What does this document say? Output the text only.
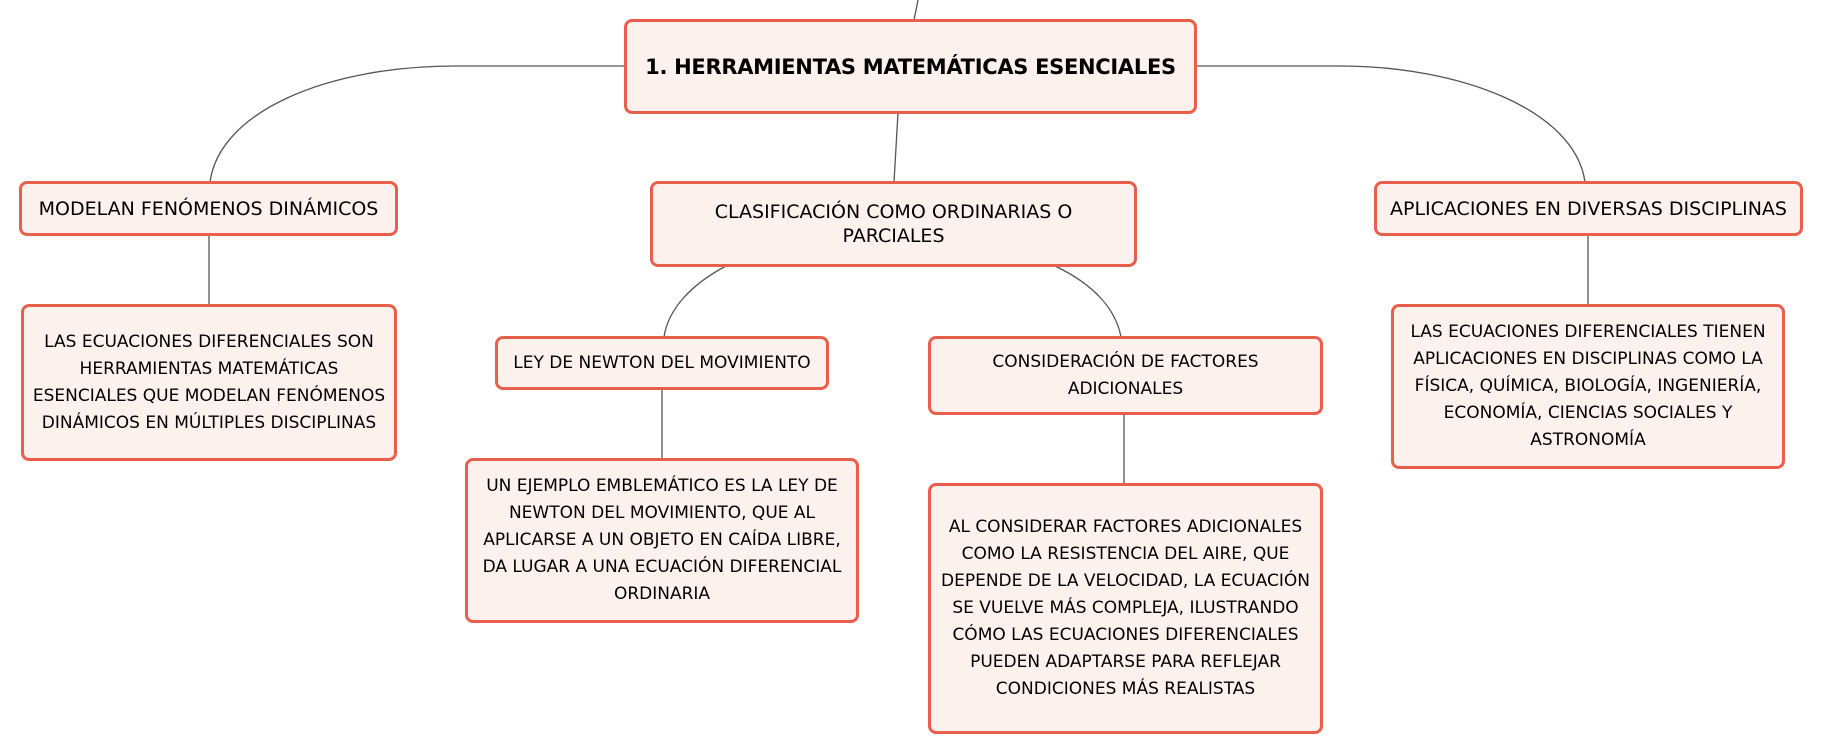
1. HERRAMIENTAS MATEMÁTICAS ESENCIALES
MODELAN FENÓMENOS DINÁMICOS	CLASIFICACIÓN COMO ORDINARIAS O PARCIALES
APLICACIONES EN DIVERSAS DISCIPLINAS
LAS ECUACIONES DIFERENCIALES SON HERRAMIENTAS MATEMÁTICAS ESENCIALES QUE MODELAN FENÓMENOS DINÁMICOS EN MÚLTIPLES DISCIPLINAS
LEY DE NEWTON DEL MOVIMIENTO	CONSIDERACIÓN DE FACTORES ADICIONALES
UN EJEMPLO EMBLEMÁTICO ES LA LEY DE NEWTON DEL MOVIMIENTO, QUE AL APLICARSE A UN OBJETO EN CAÍDA LIBRE, DA LUGAR A UNA ECUACIÓN DIFERENCIAL ORDINARIA
AL CONSIDERAR FACTORES ADICIONALES COMO LA RESISTENCIA DEL AIRE, QUE DEPENDE DE LA VELOCIDAD, LA ECUACIÓN SE VUELVE MÁS COMPLEJA, ILUSTRANDO CÓMO LAS ECUACIONES DIFERENCIALES PUEDEN ADAPTARSE PARA REFLEJAR CONDICIONES MÁS REALISTAS
LAS ECUACIONES DIFERENCIALES TIENEN APLICACIONES EN DISCIPLINAS COMO LA FÍSICA, QUÍMICA, BIOLOGÍA, INGENIERÍA, ECONOMÍA, CIENCIAS SOCIALES Y ASTRONOMÍA
